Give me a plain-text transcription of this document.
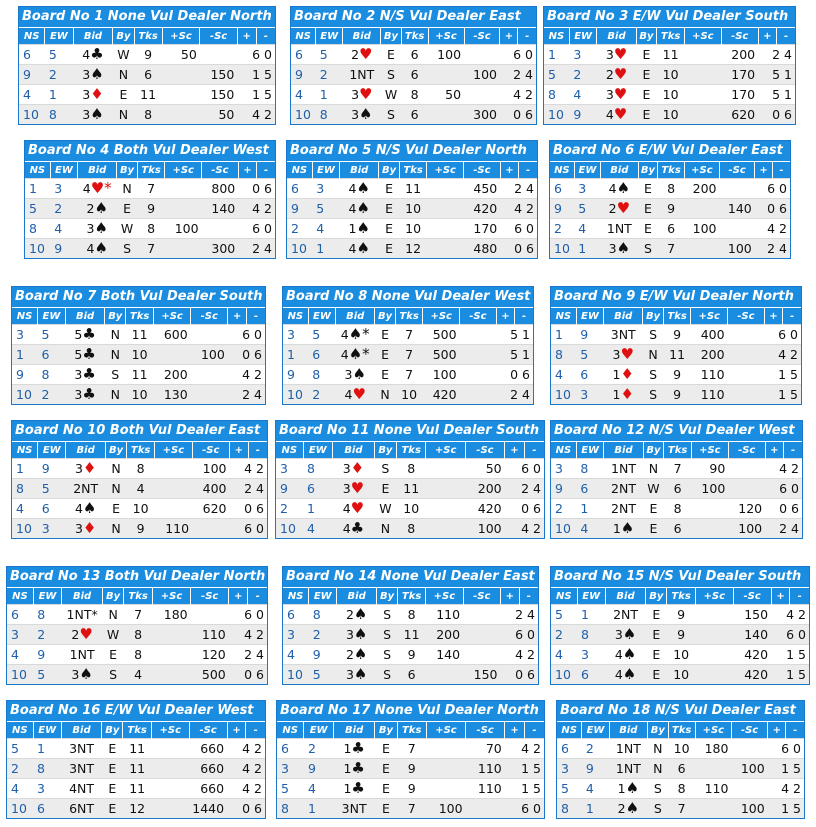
Board No 1 None Vul Dealer North
NS	EW	Bid	By	Tks	+Sc	-Sc	+	-
6	5	4♣	W	9	50		6 0	
9	2	3♠	N	6		150	1 5	
4	1	3♦	E	11		150	1 5	
10	8	3♠	N	8		50	4 2	
Board No 2 N/S Vul Dealer East
NS	EW	Bid	By	Tks	+Sc	-Sc	+	-
6	5	2♥	E	6	100		6 0	
9	2	1NT	S	6		100	2 4	
4	1	3♥	W	8	50		4 2	
10	8	3♠	S	6		300	0 6	
Board No 3 E/W Vul Dealer South
NS	EW	Bid	By	Tks	+Sc	-Sc	+	-
1	3	3♥	E	11		200	2 4	
5	2	2♥	E	10		170	5 1	
8	4	3♥	E	10		170	5 1	
10	9	4♥	E	10		620	0 6	
Board No 4 Both Vul Dealer West
NS	EW	Bid	By	Tks	+Sc	-Sc	+	-
1	3	4♥*	N	7		800	0 6	
5	2	2♠	E	9		140	4 2	
8	4	3♠	W	8	100		6 0	
10	9	4♠	S	7		300	2 4	
Board No 5 N/S Vul Dealer North
NS	EW	Bid	By	Tks	+Sc	-Sc	+	-
6	3	4♠	E	11		450	2 4	
9	5	4♠	E	10		420	4 2	
2	4	1♠	E	10		170	6 0	
10	1	4♠	E	12		480	0 6	
Board No 6 E/W Vul Dealer East
NS	EW	Bid	By	Tks	+Sc	-Sc	+	-
6	3	4♠	E	8	200		6 0	
9	5	2♥	E	9		140	0 6	
2	4	1NT	E	6	100		4 2	
10	1	3♠	S	7		100	2 4	
Board No 7 Both Vul Dealer South
NS	EW	Bid	By	Tks	+Sc	-Sc	+	-
3	5	5♣	N	11	600		6 0	
1	6	5♣	N	10		100	0 6	
9	8	3♣	S	11	200		4 2	
10	2	3♣	N	10	130		2 4	
Board No 8 None Vul Dealer West
NS	EW	Bid	By	Tks	+Sc	-Sc	+	-
3	5	4♠*	E	7	500		5 1	
1	6	4♠*	E	7	500		5 1	
9	8	3♠	E	7	100		0 6	
10	2	4♥	N	10	420		2 4	
Board No 9 E/W Vul Dealer North
NS	EW	Bid	By	Tks	+Sc	-Sc	+	-
1	9	3NT	S	9	400		6 0	
8	5	3♥	N	11	200		4 2	
4	6	1♦	S	9	110		1 5	
10	3	1♦	S	9	110		1 5	
Board No 10 Both Vul Dealer East
NS	EW	Bid	By	Tks	+Sc	-Sc	+	-
1	9	3♦	N	8		100	4 2	
8	5	2NT	N	4		400	2 4	
4	6	4♠	E	10		620	0 6	
10	3	3♦	N	9	110		6 0	
Board No 11 None Vul Dealer South
NS	EW	Bid	By	Tks	+Sc	-Sc	+	-
3	8	3♦	S	8		50	6 0	
9	6	3♥	E	11		200	2 4	
2	1	4♥	W	10		420	0 6	
10	4	4♣	N	8		100	4 2	
Board No 12 N/S Vul Dealer West
NS	EW	Bid	By	Tks	+Sc	-Sc	+	-
3	8	1NT	N	7	90		4 2	
9	6	2NT	W	6	100		6 0	
2	1	2NT	E	8		120	0 6	
10	4	1♠	E	6		100	2 4	
Board No 13 Both Vul Dealer North
NS	EW	Bid	By	Tks	+Sc	-Sc	+	-
6	8	1NT*	N	7	180		6 0	
3	2	2♥	W	8		110	4 2	
4	9	1NT	E	8		120	2 4	
10	5	3♠	S	4		500	0 6	
Board No 14 None Vul Dealer East
NS	EW	Bid	By	Tks	+Sc	-Sc	+	-
6	8	2♠	S	8	110		2 4	
3	2	3♠	S	11	200		6 0	
4	9	2♠	S	9	140		4 2	
10	5	3♠	S	6		150	0 6	
Board No 15 N/S Vul Dealer South
NS	EW	Bid	By	Tks	+Sc	-Sc	+	-
5	1	2NT	E	9		150	4 2	
2	8	3♠	E	9		140	6 0	
4	3	4♠	E	10		420	1 5	
10	6	4♠	E	10		420	1 5	
Board No 16 E/W Vul Dealer West
NS	EW	Bid	By	Tks	+Sc	-Sc	+	-
5	1	3NT	E	11		660	4 2	
2	8	3NT	E	11		660	4 2	
4	3	4NT	E	11		660	4 2	
10	6	6NT	E	12		1440	0 6	
Board No 17 None Vul Dealer North
NS	EW	Bid	By	Tks	+Sc	-Sc	+	-
6	2	1♣	E	7		70	4 2	
3	9	1♣	E	9		110	1 5	
5	4	1♣	E	9		110	1 5	
8	1	3NT	E	7	100		6 0	
Board No 18 N/S Vul Dealer East
NS	EW	Bid	By	Tks	+Sc	-Sc	+	-
6	2	1NT	N	10	180		6 0	
3	9	1NT	N	6		100	1 5	
5	4	1♠	S	8	110		4 2	
8	1	2♠	S	7		100	1 5	
